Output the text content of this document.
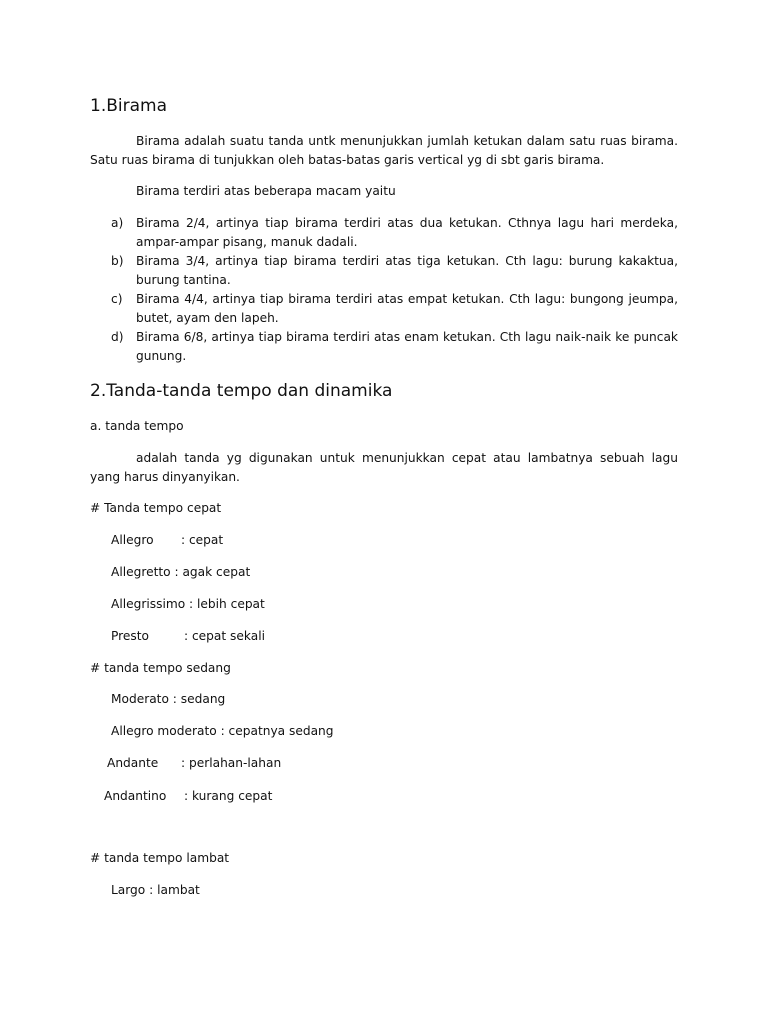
1.Birama

Birama adalah suatu tanda untk menunjukkan jumlah ketukan dalam satu ruas birama. Satu ruas birama di tunjukkan oleh batas-batas garis vertical yg di sbt garis birama.

Birama terdiri atas beberapa macam yaitu
a) Birama 2/4, artinya tiap birama terdiri atas dua ketukan. Cthnya lagu hari merdeka, ampar-ampar pisang, manuk dadali.
b) Birama 3/4, artinya tiap birama terdiri atas tiga ketukan. Cth lagu: burung kakaktua, burung tantina.
c) Birama 4/4, artinya tiap birama terdiri atas empat ketukan. Cth lagu: bungong jeumpa, butet, ayam den lapeh.
d) Birama 6/8, artinya tiap birama terdiri atas enam ketukan. Cth lagu naik-naik ke puncak gunung.
2.Tanda-tanda tempo dan dinamika
a. tanda tempo

adalah tanda yg digunakan untuk menunjukkan cepat atau lambatnya sebuah lagu yang harus dinyanyikan.

# Tanda tempo cepat
Allegro : cepat
Allegretto : agak cepat
Allegrissimo : lebih cepat
Presto	: cepat sekali
# tanda tempo sedang
Moderato : sedang
Allegro moderato : cepatnya sedang
Andante : perlahan-lahan
Andantino : kurang cepat
# tanda tempo lambat
Largo : lambat
